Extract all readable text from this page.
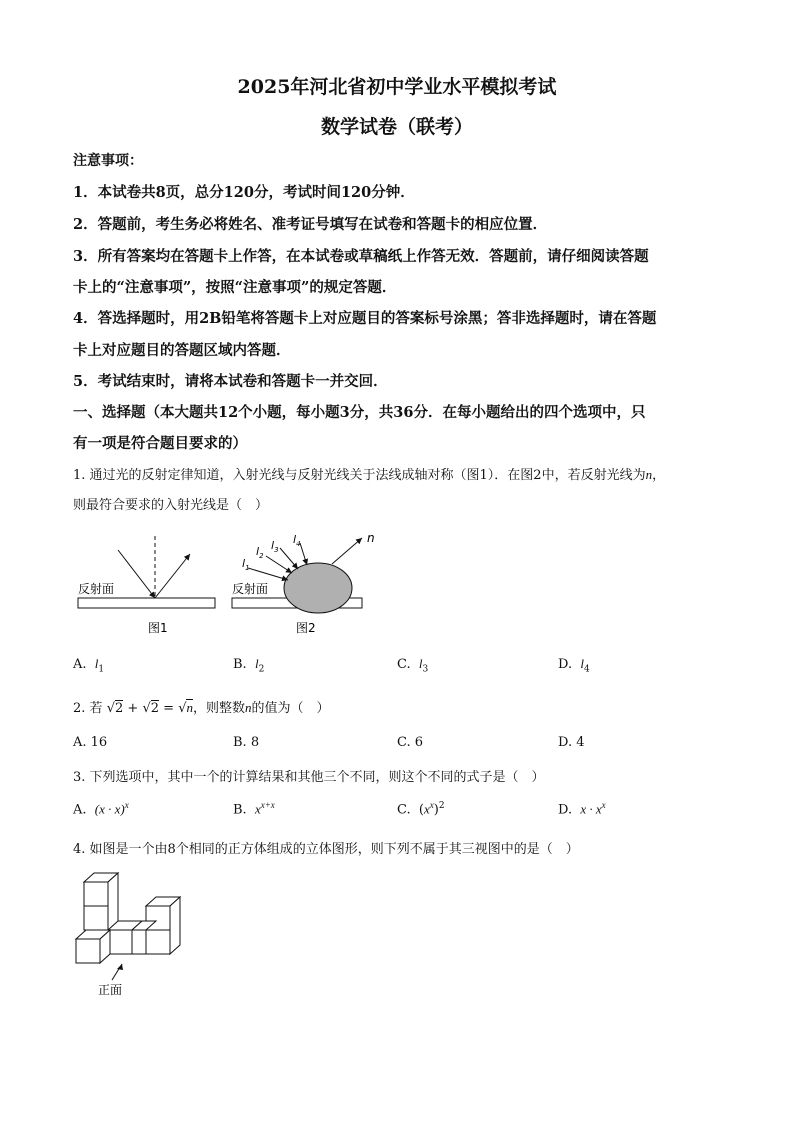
2025年河北省初中学业水平模拟考试
数学试卷（联考）
注意事项：
1．本试卷共8页，总分120分，考试时间120分钟．
2．答题前，考生务必将姓名、准考证号填写在试卷和答题卡的相应位置．
3．所有答案均在答题卡上作答，在本试卷或草稿纸上作答无效．答题前，请仔细阅读答题
卡上的“注意事项”，按照“注意事项”的规定答题．
4．答选择题时，用2B铅笔将答题卡上对应题目的答案标号涂黑；答非选择题时，请在答题
卡上对应题目的答题区域内答题．
5．考试结束时，请将本试卷和答题卡一并交回．
一、选择题（本大题共12个小题，每小题3分，共36分．在每小题给出的四个选项中，只
有一项是符合题目要求的）
1. 通过光的反射定律知道，入射光线与反射光线关于法线成轴对称（图1）．在图2中，若反射光线为n，
则最符合要求的入射光线是（　）
反射面
图1
n
$l_1$
$l_2$
$l_3$
$l_4$
反射面
图2
A. $l_1$	B. $l_2$	C. $l_3$	D. $l_4$
2. 若 √2 + √2 = √n，则整数n的值为（　）
A. 16	B. 8	C. 6	D. 4
3. 下列选项中，其中一个的计算结果和其他三个不同，则这个不同的式子是（　）
A. $(x \cdot x)^x$	B. $x^{x+x}$	C.  $(x^x)^2$	D. $x \cdot x^x$
4. 如图是一个由8个相同的正方体组成的立体图形，则下列不属于其三视图中的是（　）
正面
